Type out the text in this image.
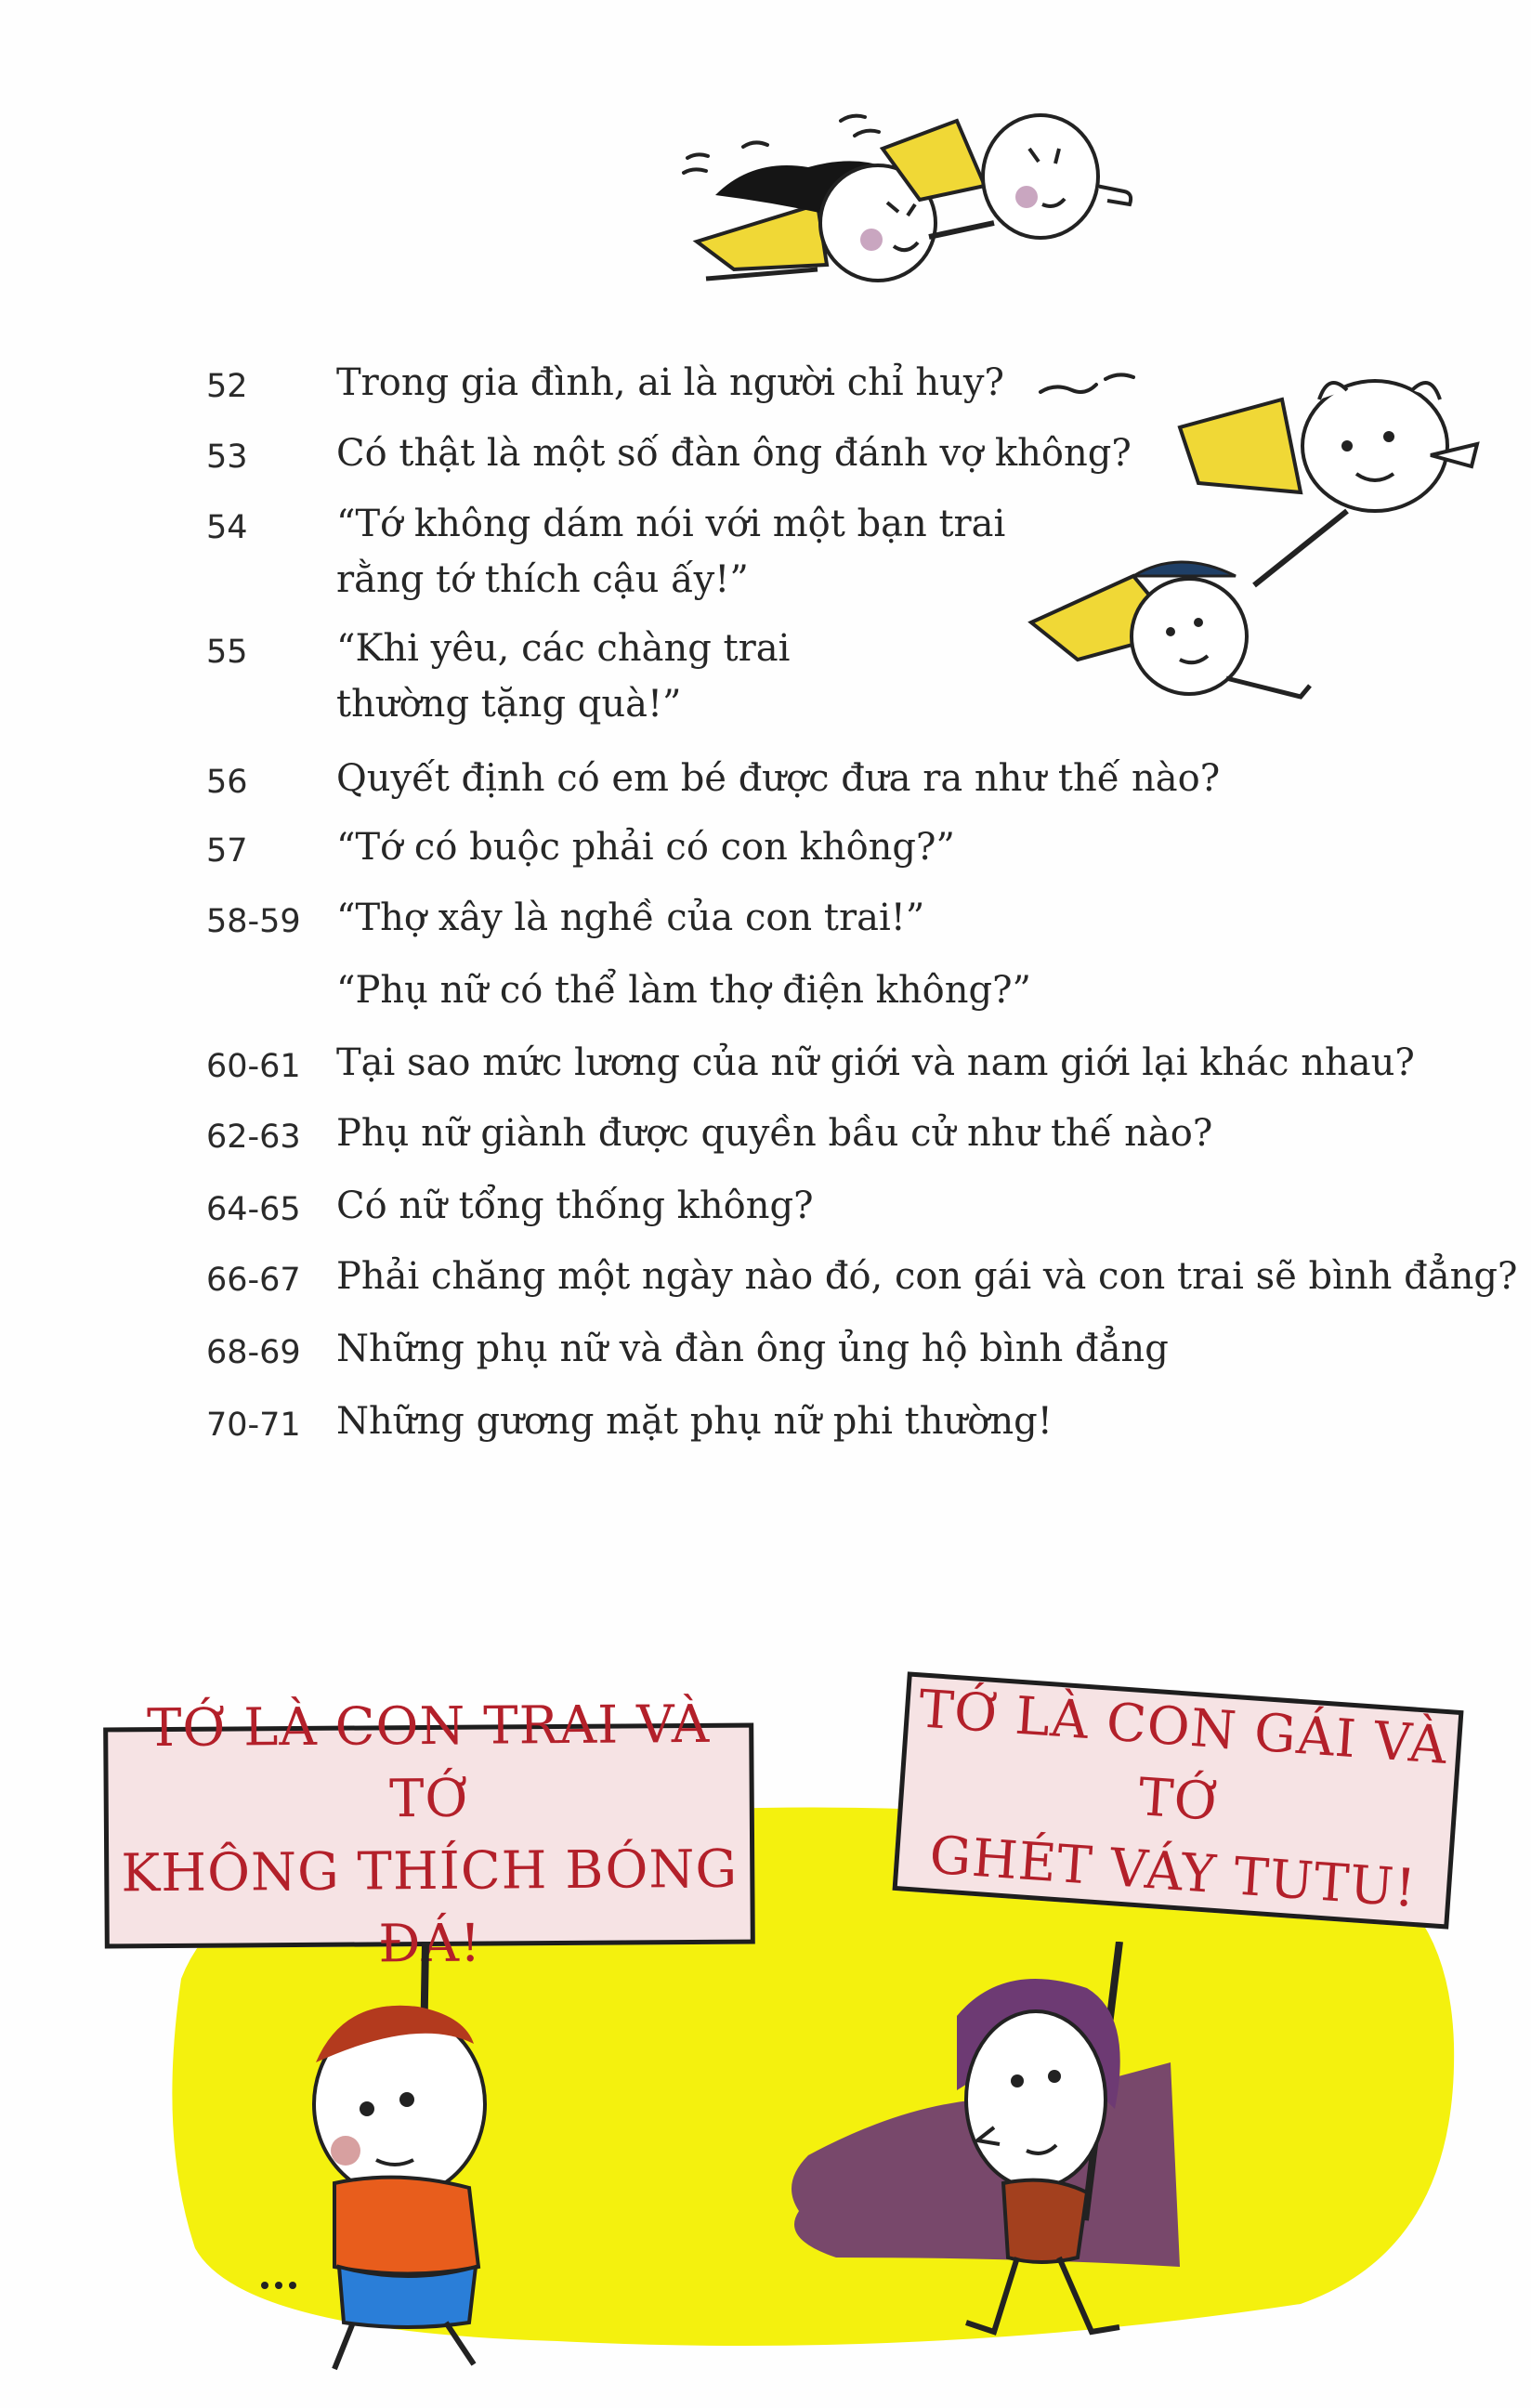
52 Trong gia đình, ai là người chỉ huy?
53 Có thật là một số đàn ông đánh vợ không?
54 “Tớ không dám nói với một bạn trai
rằng tớ thích cậu ấy!”
55 “Khi yêu, các chàng trai
thường tặng quà!”
56 Quyết định có em bé được đưa ra như thế nào?
57 “Tớ có buộc phải có con không?”
58-59 “Thợ xây là nghề của con trai!”
“Phụ nữ có thể làm thợ điện không?”
60-61 Tại sao mức lương của nữ giới và nam giới lại khác nhau?
62-63 Phụ nữ giành được quyền bầu cử như thế nào?
64-65 Có nữ tổng thống không?
66-67 Phải chăng một ngày nào đó, con gái và con trai sẽ bình đẳng?
68-69 Những phụ nữ và đàn ông ủng hộ bình đẳng
70-71 Những gương mặt phụ nữ phi thường!
TỚ LÀ CON TRAI VÀ TỚ
KHÔNG THÍCH BÓNG ĐÁ!
TỚ LÀ CON GÁI VÀ TỚ
GHÉT VÁY TUTU!
